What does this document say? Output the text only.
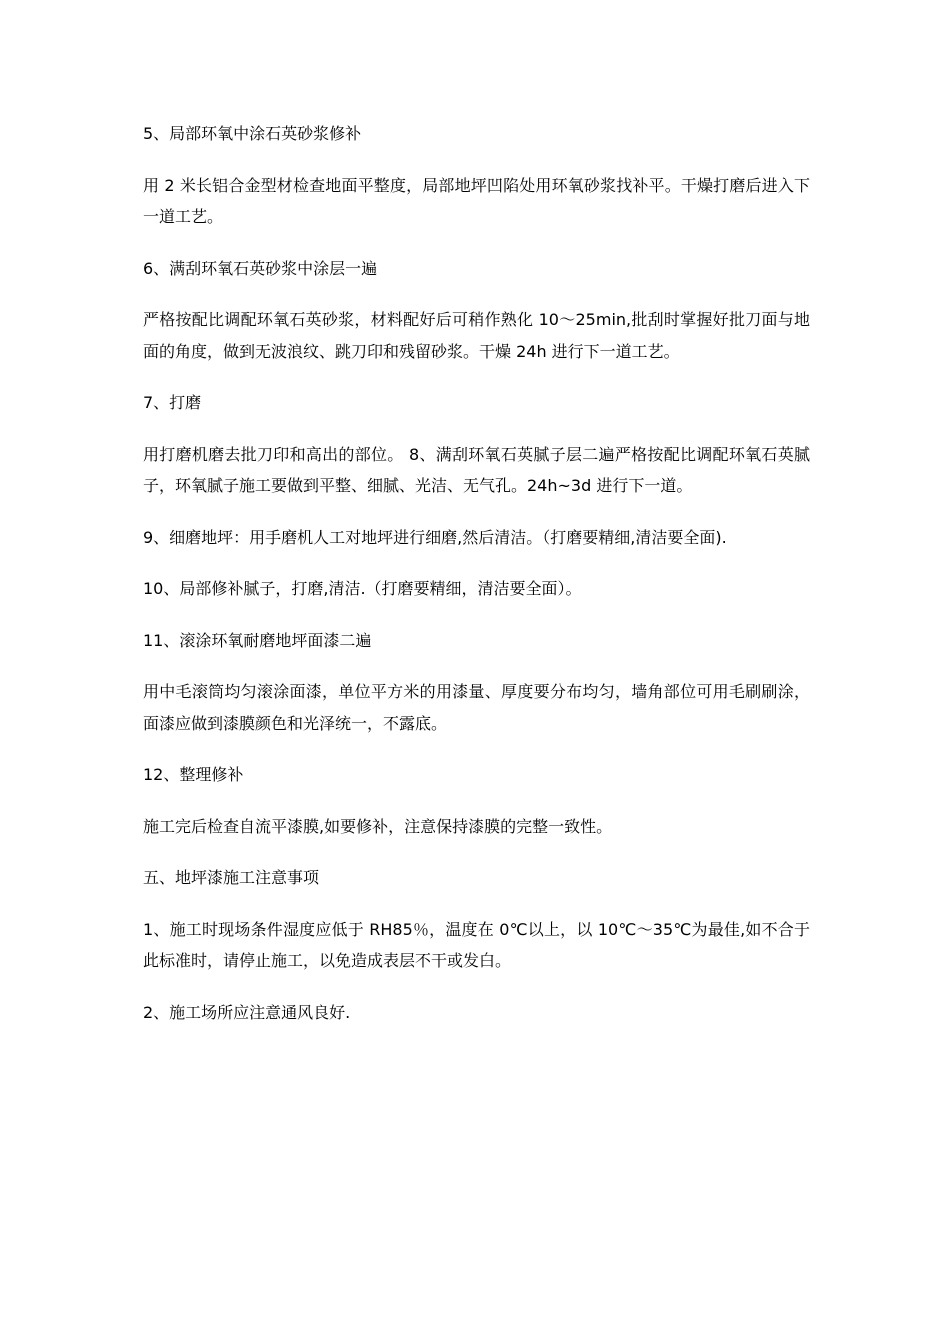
5、局部环氧中涂石英砂浆修补

用 2 米长铝合金型材检查地面平整度，局部地坪凹陷处用环氧砂浆找补平。干燥打磨后进入下一道工艺。

6、满刮环氧石英砂浆中涂层一遍

严格按配比调配环氧石英砂浆，材料配好后可稍作熟化 10～25min,批刮时掌握好批刀面与地面的角度，做到无波浪纹、跳刀印和残留砂浆。干燥 24h 进行下一道工艺。

7、打磨

用打磨机磨去批刀印和高出的部位。 8、满刮环氧石英腻子层二遍严格按配比调配环氧石英腻子，环氧腻子施工要做到平整、细腻、光洁、无气孔。24h~3d 进行下一道。

9、细磨地坪：用手磨机人工对地坪进行细磨,然后清洁。（打磨要精细,清洁要全面).

10、局部修补腻子，打磨,清洁.（打磨要精细，清洁要全面）。

11、滚涂环氧耐磨地坪面漆二遍

用中毛滚筒均匀滚涂面漆，单位平方米的用漆量、厚度要分布均匀，墙角部位可用毛刷刷涂，面漆应做到漆膜颜色和光泽统一，不露底。

12、整理修补

施工完后检查自流平漆膜,如要修补，注意保持漆膜的完整一致性。

五、地坪漆施工注意事项

1、施工时现场条件湿度应低于 RH85％，温度在 0℃以上，以 10℃～35℃为最佳,如不合于此标准时，请停止施工，以免造成表层不干或发白。

2、施工场所应注意通风良好.
